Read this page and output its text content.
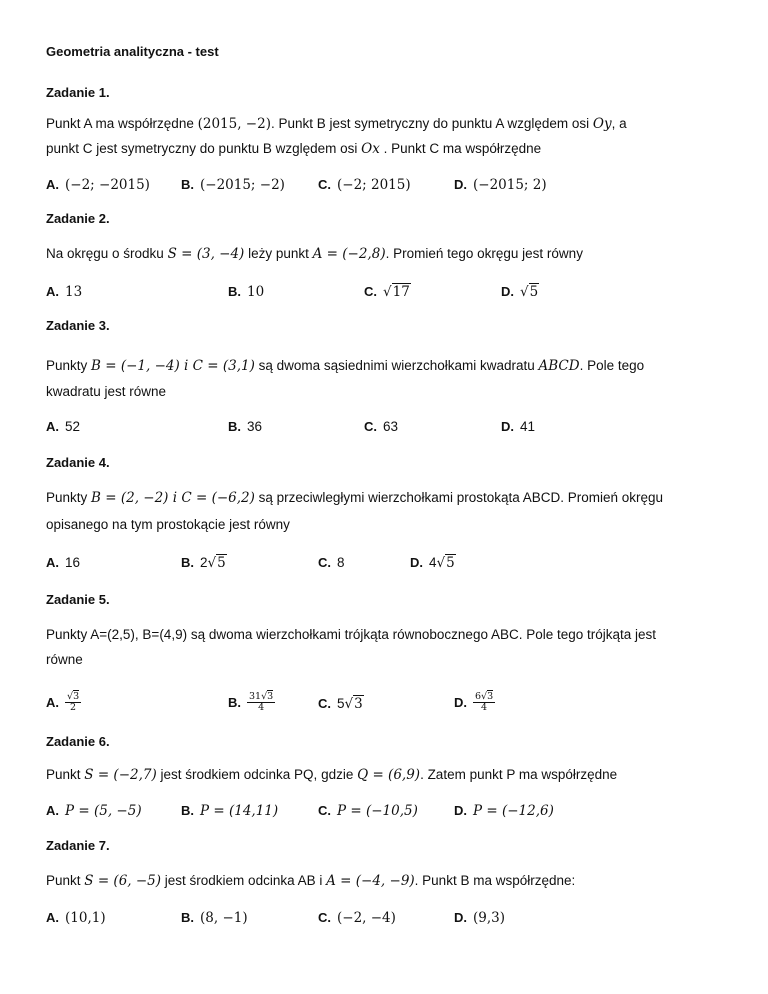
Geometria analityczna - test
Zadanie 1.
Punkt A ma współrzędne (2015, −2). Punkt B jest symetryczny do punktu A względem osi Oy, a
punkt C jest symetryczny do punktu B względem osi Ox . Punkt C ma współrzędne
A. (−2; −2015) B. (−2015; −2)	C. (−2; 2015)	D. (−2015; 2)
Zadanie 2.
Na okręgu o środku S = (3, −4) leży punkt A = (−2,8). Promień tego okręgu jest równy
A. 13	B. 10	C. √17	D. √5
Zadanie 3.
Punkty B = (−1, −4) i C = (3,1) są dwoma sąsiednimi wierzchołkami kwadratu ABCD. Pole tego
kwadratu jest równe
A. 52	B. 36	C. 63	D. 41
Zadanie 4.
Punkty B = (2, −2) i C = (−6,2) są przeciwległymi wierzchołkami prostokąta ABCD. Promień okręgu
opisanego na tym prostokącie jest równy
A. 16	B. 2√5	C. 8	D. 4√5
Zadanie 5.
Punkty A=(2,5), B=(4,9) są dwoma wierzchołkami trójkąta równobocznego ABC. Pole tego trójkąta jest
równe
A. $\frac{√3}{2}$	B. $\frac{31√3}{4}$	C. 5√3	D. $\frac{6√3}{4}$
Zadanie 6.
Punkt S = (−2,7) jest środkiem odcinka PQ, gdzie Q = (6,9). Zatem punkt P ma współrzędne
A. P = (5, −5)	B. P = (14,11)	C. P = (−10,5)	D. P = (−12,6)
Zadanie 7.
Punkt S = (6, −5) jest środkiem odcinka AB i A = (−4, −9). Punkt B ma współrzędne:
A. (10,1)	B. (8, −1)	C. (−2, −4)	D. (9,3)
